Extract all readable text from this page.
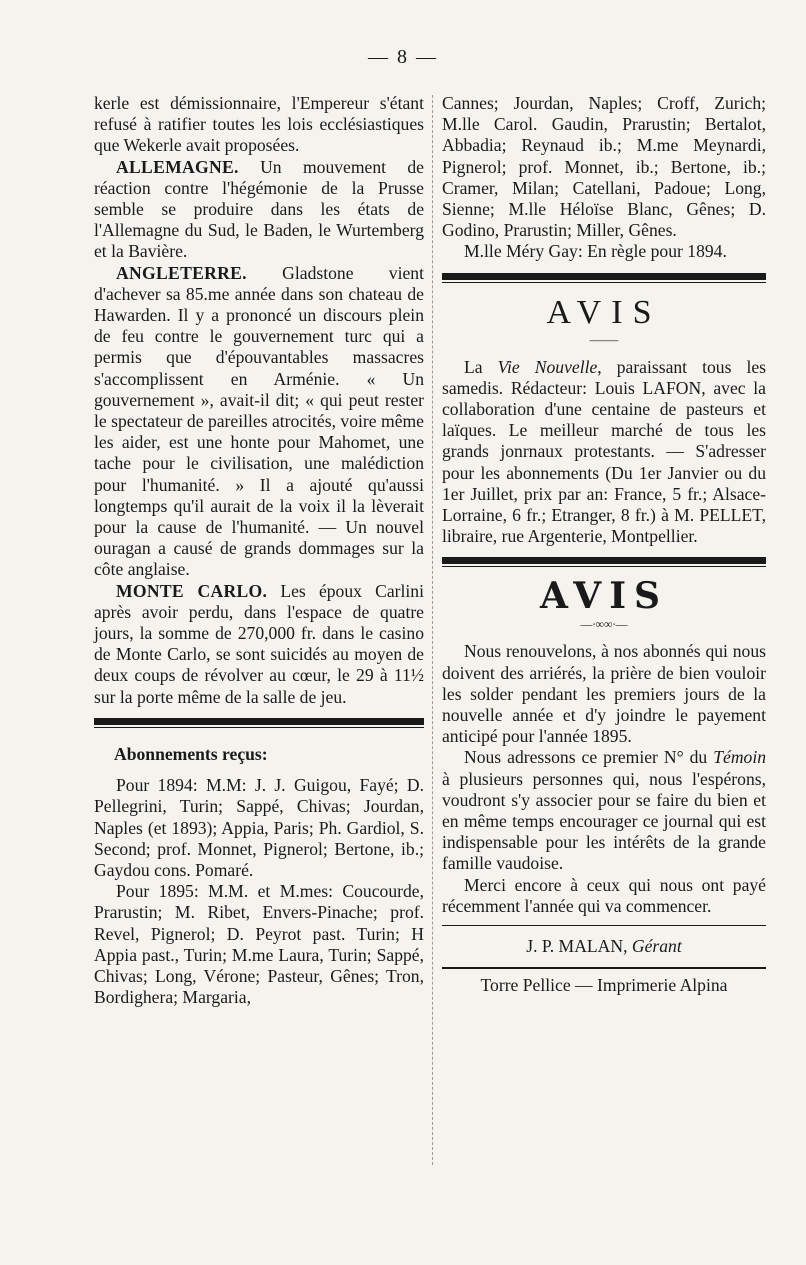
— 8 —

kerle est démissionnaire, l'Empereur s'étant refusé à ratifier toutes les lois ecclésiastiques que Wekerle avait proposées.

ALLEMAGNE. Un mouvement de réaction contre l'hégémonie de la Prusse semble se produire dans les états de l'Allemagne du Sud, le Baden, le Wurtemberg et la Bavière.

ANGLETERRE. Gladstone vient d'achever sa 85.me année dans son chateau de Hawarden. Il y a prononcé un discours plein de feu contre le gouvernement turc qui a permis que d'épouvantables massacres s'accomplissent en Arménie. « Un gouvernement », avait-il dit; « qui peut rester le spectateur de pareilles atrocités, voire même les aider, est une honte pour Mahomet, une tache pour le civilisation, une malédiction pour l'humanité. » Il a ajouté qu'aussi longtemps qu'il aurait de la voix il la lèverait pour la cause de l'humanité. — Un nouvel ouragan a causé de grands dommages sur la côte anglaise.

MONTE CARLO. Les époux Carlini après avoir perdu, dans l'espace de quatre jours, la somme de 270,000 fr. dans le casino de Monte Carlo, se sont suicidés au moyen de deux coups de révolver au cœur, le 29 à 11½ sur la porte même de la salle de jeu.

Abonnements reçus:

Pour 1894: M.M: J. J. Guigou, Fayé; D. Pellegrini, Turin; Sappé, Chivas; Jourdan, Naples (et 1893); Appia, Paris; Ph. Gardiol, S. Second; prof. Monnet, Pignerol; Bertone, ib.; Gaydou cons. Pomaré.

Pour 1895: M.M. et M.mes: Coucourde, Prarustin; M. Ribet, Envers-Pinache; prof. Revel, Pignerol; D. Peyrot past. Turin; H Appia past., Turin; M.me Laura, Turin; Sappé, Chivas; Long, Vérone; Pasteur, Gênes; Tron, Bordighera; Margaria,

Cannes; Jourdan, Naples; Croff, Zurich; M.lle Carol. Gaudin, Prarustin; Bertalot, Abbadia; Reynaud ib.; M.me Meynardi, Pignerol; prof. Monnet, ib.; Bertone, ib.; Cramer, Milan; Catellani, Padoue; Long, Sienne; M.lle Héloïse Blanc, Gênes; D. Godino, Prarustin; Miller, Gênes.

M.lle Méry Gay: En règle pour 1894.

AVIS
⸻

La Vie Nouvelle, paraissant tous les samedis. Rédacteur: Louis LAFON, avec la collaboration d'une centaine de pasteurs et laïques. Le meilleur marché de tous les grands jonrnaux protestants. — S'adresser pour les abonnements (Du 1er Janvier ou du 1er Juillet, prix par an: France, 5 fr.; Alsace-Lorraine, 6 fr.; Etranger, 8 fr.) à M. PELLET, libraire, rue Argenterie, Montpellier.

AVIS
—∙∞∞∙—

Nous renouvelons, à nos abonnés qui nous doivent des arriérés, la prière de bien vouloir les solder pendant les premiers jours de la nouvelle année et d'y joindre le payement anticipé pour l'année 1895.

Nous adressons ce premier N° du Témoin à plusieurs personnes qui, nous l'espérons, voudront s'y associer pour se faire du bien et en même temps encourager ce journal qui est indispensable pour les intérêts de la grande famille vaudoise.

Merci encore à ceux qui nous ont payé récemment l'année qui va commencer.

J. P. MALAN, Gérant
Torre Pellice — Imprimerie Alpina
